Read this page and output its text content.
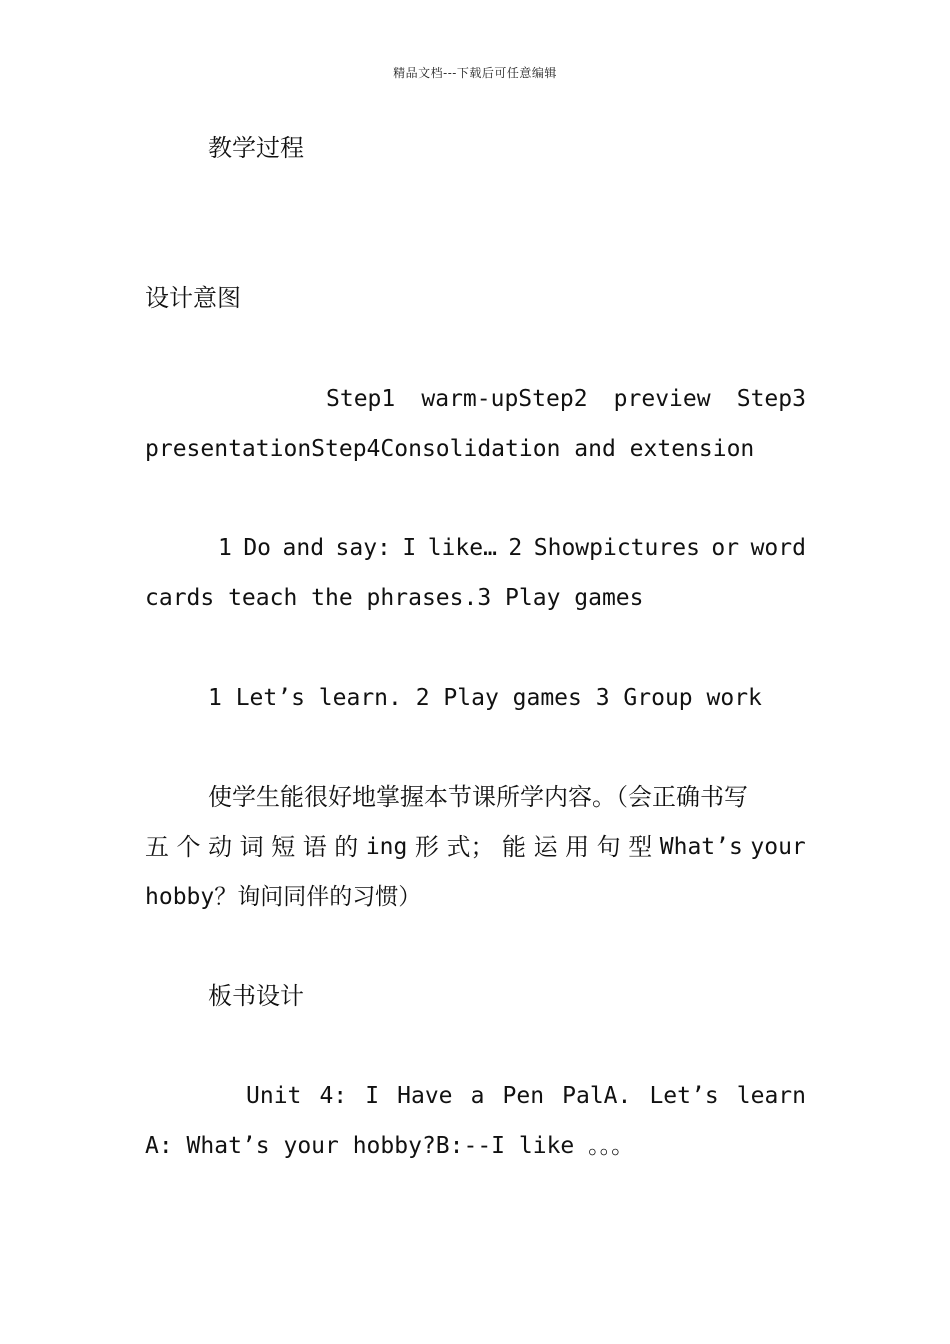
精品文档---下载后可任意编辑
教学过程
设计意图
Step1 warm-upStep2 preview Step3
presentationStep4Consolidation and extension
1 Do and say: I like… 2 Showpictures or word
cards teach the phrases.3 Play games
1 Let’s learn. 2 Play games 3 Group work
使学生能很好地掌握本节课所学内容。（会正确书写
五 个 动 词 短 语 的 ing 形 式； 能 运 用 句 型 What’s your
hobby？询问同伴的习惯）
板书设计
Unit 4: I Have a Pen PalA. Let’s learn
A: What’s your hobby?B:--I like 。。。
